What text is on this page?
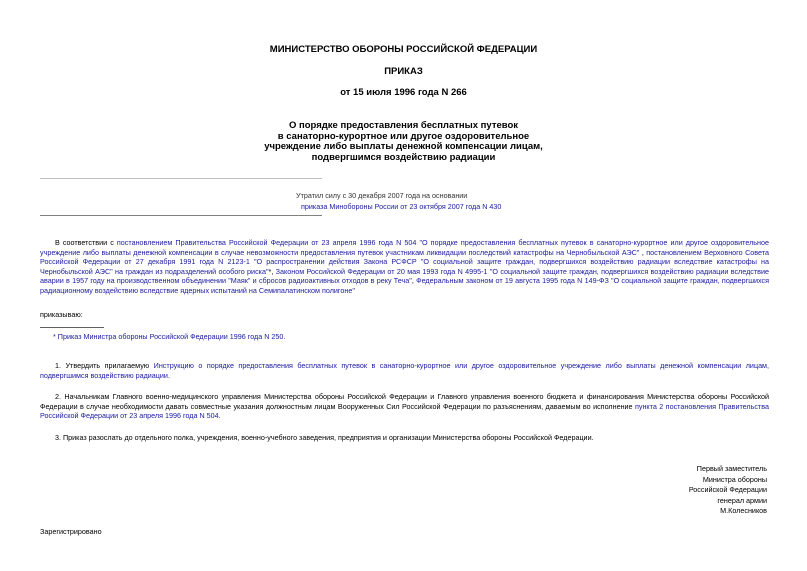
МИНИСТЕРСТВО ОБОРОНЫ РОССИЙСКОЙ ФЕДЕРАЦИИ
ПРИКАЗ
от 15 июля 1996 года N 266
О порядке предоставления бесплатных путевок
в санаторно-курортное или другое оздоровительное
учреждение либо выплаты денежной компенсации лицам,
подвергшимся воздействию радиации
Утратил силу с 30 декабря 2007 года на основании
приказа Минобороны России от 23 октября 2007 года N 430
В соответствии с постановлением Правительства Российской Федерации от 23 апреля 1996 года N 504 "О порядке предоставления бесплатных путевок в санаторно-курортное или другое оздоровительное учреждение либо выплаты денежной компенсации в случае невозможности предоставления путевок участникам ликвидации последствий катастрофы на Чернобыльской АЭС" , постановлением Верховного Совета Российской Федерации от 27 декабря 1991 года N 2123-1 "О распространении действия Закона РСФСР "О социальной защите граждан, подвергшихся воздействию радиации вследствие катастрофы на Чернобыльской АЭС" на граждан из подразделений особого риска"*, Законом Российской Федерации от 20 мая 1993 года N 4995-1 "О социальной защите граждан, подвергшихся воздействию радиации вследствие аварии в 1957 году на производственном объединении "Маяк" и сбросов радиоактивных отходов в реку Теча", Федеральным законом от 19 августа 1995 года N 149-ФЗ "О социальной защите граждан, подвергшихся радиационному воздействию вследствие ядерных испытаний на Семипалатинском полигоне"
приказываю:
* Приказ Министра обороны Российской Федерации 1996 года N 250.
1. Утвердить прилагаемую Инструкцию о порядке предоставления бесплатных путевок в санаторно-курортное или другое оздоровительное учреждение либо выплаты денежной компенсации лицам, подвергшимся воздействию радиации.
2. Начальникам Главного военно-медицинского управления Министерства обороны Российской Федерации и Главного управления военного бюджета и финансирования Министерства обороны Российской Федерации в случае необходимости давать совместные указания должностным лицам Вооруженных Сил Российской Федерации по разъяснениям, даваемым во исполнение пункта 2 постановления Правительства Российской Федерации от 23 апреля 1996 года N 504.
3. Приказ разослать до отдельного полка, учреждения, военно-учебного заведения, предприятия и организации Министерства обороны Российской Федерации.
Первый заместитель
Министра обороны
Российской Федерации
генерал армии
М.Колесников
Зарегистрировано
